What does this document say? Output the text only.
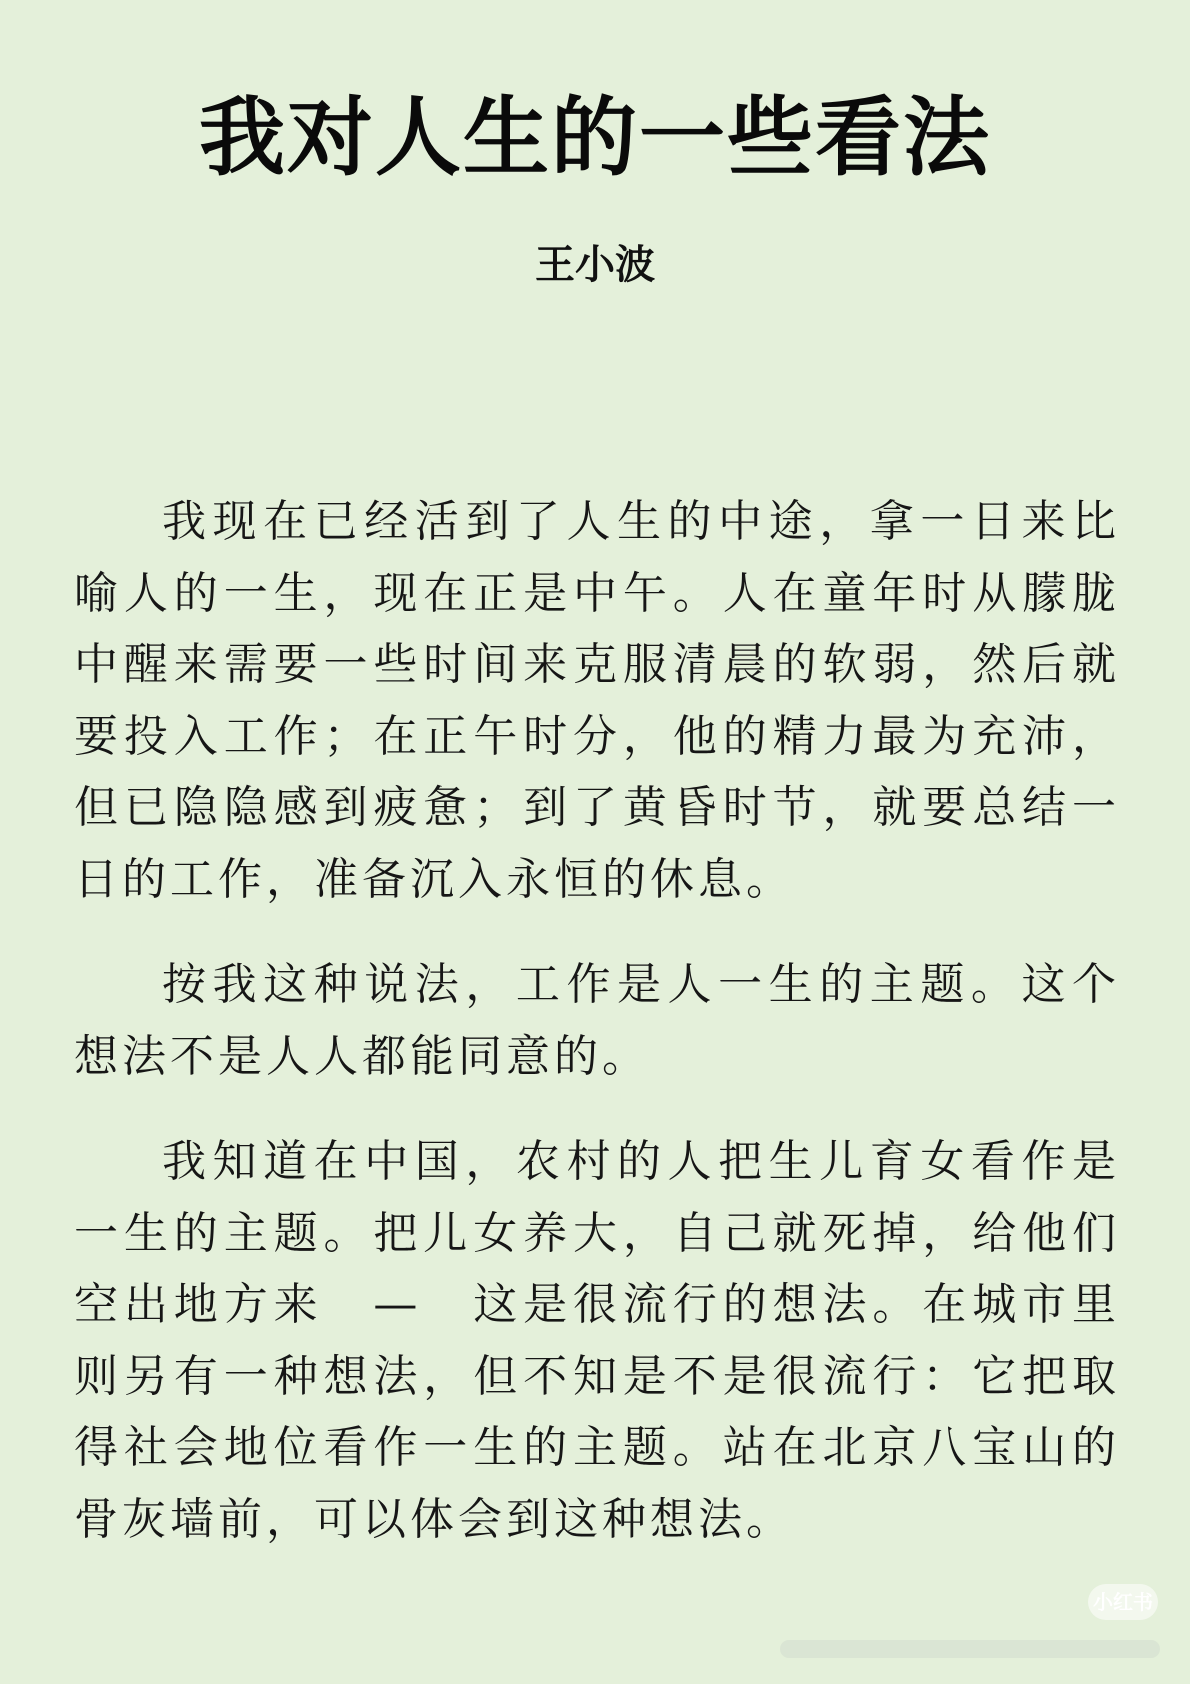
我对人生的一些看法
王小波

我现在已经活到了人生的中途，拿一日来比喻人的一生，现在正是中午。人在童年时从朦胧中醒来需要一些时间来克服清晨的软弱，然后就要投入工作；在正午时分，他的精力最为充沛，但已隐隐感到疲惫；到了黄昏时节，就要总结一日的工作，准备沉入永恒的休息。

按我这种说法，工作是人一生的主题。这个想法不是人人都能同意的。

我知道在中国，农村的人把生儿育女看作是一生的主题。把儿女养大，自己就死掉，给他们空出地方来　—　这是很流行的想法。在城市里则另有一种想法，但不知是不是很流行：它把取得社会地位看作一生的主题。站在北京八宝山的骨灰墙前，可以体会到这种想法。

小红书
